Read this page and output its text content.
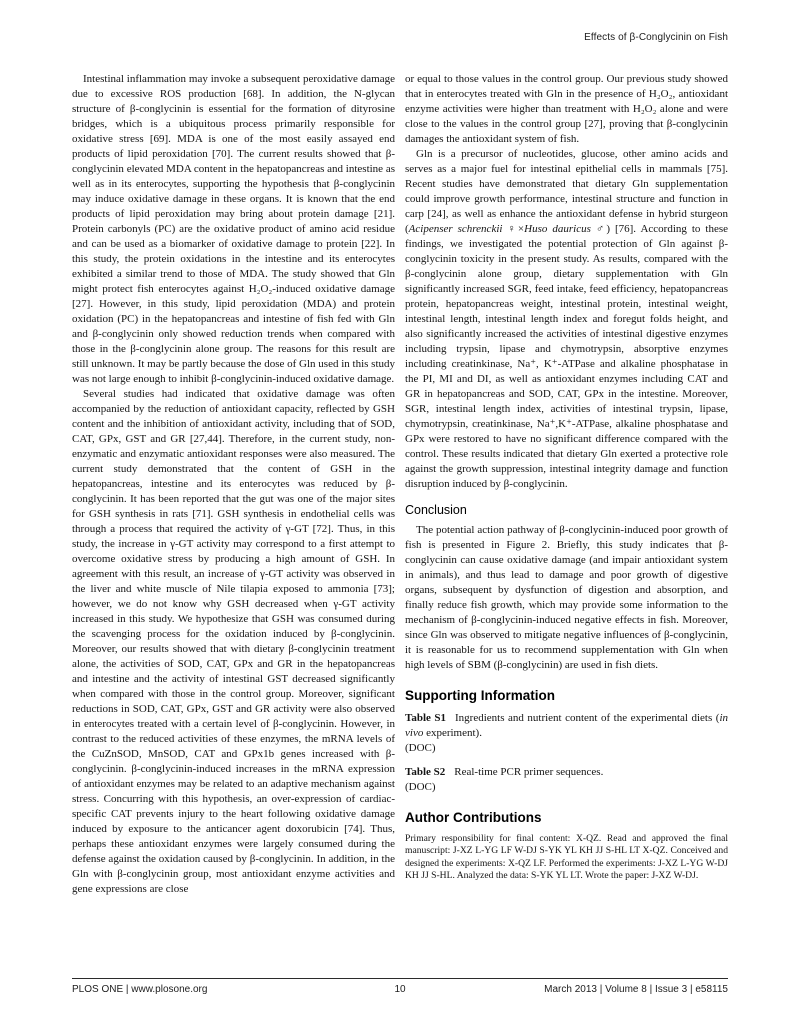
Effects of β-Conglycinin on Fish

Intestinal inflammation may invoke a subsequent peroxidative damage due to excessive ROS production [68]. In addition, the N-glycan structure of β-conglycinin is essential for the formation of dityrosine bridges, which is a ubiquitous process primarily responsible for oxidative stress [69]. MDA is one of the most easily assayed end products of lipid peroxidation [70]. The current results showed that β-conglycinin elevated MDA content in the hepatopancreas and intestine as well as in its enterocytes, supporting the hypothesis that β-conglycinin may induce oxidative damage in these organs. It is known that the end products of lipid peroxidation may bring about protein damage [21]. Protein carbonyls (PC) are the oxidative product of amino acid residue and can be used as a biomarker of oxidative damage to protein [22]. In this study, the protein oxidations in the intestine and its enterocytes exhibited a similar trend to those of MDA. The study showed that Gln might protect fish enterocytes against H₂O₂-induced oxidative damage [27]. However, in this study, lipid peroxidation (MDA) and protein oxidation (PC) in the hepatopancreas and intestine of fish fed with Gln and β-conglycinin only showed reduction trends when compared with those in the β-conglycinin alone group. The reasons for this result are still unknown. It may be partly because the dose of Gln used in this study was not large enough to inhibit β-conglycinin-induced oxidative damage.

Several studies had indicated that oxidative damage was often accompanied by the reduction of antioxidant capacity, reflected by GSH content and the inhibition of antioxidant activity, including that of SOD, CAT, GPx, GST and GR [27,44]. Therefore, in the current study, non-enzymatic and enzymatic antioxidant responses were also measured. The current study demonstrated that the content of GSH in the hepatopancreas, intestine and its enterocytes was reduced by β-conglycinin. It has been reported that the gut was one of the major sites for GSH synthesis in rats [71]. GSH synthesis in endothelial cells was through a process that required the activity of γ-GT [72]. Thus, in this study, the increase in γ-GT activity may correspond to a first attempt to overcome oxidative stress by producing a high amount of GSH. In agreement with this result, an increase of γ-GT activity was observed in the liver and white muscle of Nile tilapia exposed to ammonia [73]; however, we do not know why GSH decreased when γ-GT activity increased in this study. We hypothesize that GSH was consumed during the scavenging process for the oxidation induced by β-conglycinin. Moreover, our results showed that with dietary β-conglycinin treatment alone, the activities of SOD, CAT, GPx and GR in the hepatopancreas and intestine and the activity of intestinal GST decreased significantly when compared with those in the control group. Moreover, significant reductions in SOD, CAT, GPx, GST and GR activity were also observed in enterocytes treated with a certain level of β-conglycinin. However, in contrast to the reduced activities of these enzymes, the mRNA levels of the CuZnSOD, MnSOD, CAT and GPx1b genes increased with β-conglycinin. β-conglycinin-induced increases in the mRNA expression of antioxidant enzymes may be related to an adaptive mechanism against stress. Concurring with this hypothesis, an over-expression of cardiac-specific CAT prevents injury to the heart following oxidative damage induced by exposure to the anticancer agent doxorubicin [74]. Thus, perhaps these antioxidant enzymes were largely consumed during the defense against the oxidation caused by β-conglycinin. In addition, in the Gln with β-conglycinin group, most antioxidant enzyme activities and gene expressions are close

or equal to those values in the control group. Our previous study showed that in enterocytes treated with Gln in the presence of H₂O₂, antioxidant enzyme activities were higher than treatment with H₂O₂ alone and were close to the values in the control group [27], proving that β-conglycinin damages the antioxidant system of fish.

Gln is a precursor of nucleotides, glucose, other amino acids and serves as a major fuel for intestinal epithelial cells in mammals [75]. Recent studies have demonstrated that dietary Gln supplementation could improve growth performance, intestinal structure and function in carp [24], as well as enhance the antioxidant defense in hybrid sturgeon (Acipenser schrenckii ♀×Huso dauricus ♂) [76]. According to these findings, we investigated the potential protection of Gln against β-conglycinin toxicity in the present study. As results, compared with the β-conglycinin alone group, dietary supplementation with Gln significantly increased SGR, feed intake, feed efficiency, hepatopancreas protein, hepatopancreas weight, intestinal protein, intestinal weight, intestinal length, intestinal length index and foregut folds height, and also significantly increased the activities of intestinal digestive enzymes including trypsin, lipase and chymotrypsin, absorptive enzymes including creatinkinase, Na⁺, K⁺-ATPase and alkaline phosphatase in the PI, MI and DI, as well as antioxidant enzymes including CAT and GR in hepatopancreas and SOD, CAT, GPx in the intestine. Moreover, SGR, intestinal length index, activities of intestinal trypsin, lipase, chymotrypsin, creatinkinase, Na⁺,K⁺-ATPase, alkaline phosphatase and GPx were restored to have no significant difference compared with the control. These results indicated that dietary Gln exerted a protective role against the growth suppression, intestinal integrity damage and function disruption induced by β-conglycinin.

Conclusion

The potential action pathway of β-conglycinin-induced poor growth of fish is presented in Figure 2. Briefly, this study indicates that β-conglycinin can cause oxidative damage (and impair antioxidant system in animals), and thus lead to damage and poor growth of digestive organs, subsequent by dysfunction of digestion and absorption, and finally reduce fish growth, which may provide some information to the mechanism of β-conglycinin-induced negative effects in fish. Moreover, since Gln was observed to mitigate negative influences of β-conglycinin, it is reasonable for us to recommend supplementation with Gln when high levels of SBM (β-conglycinin) are used in fish diets.

Supporting Information

Table S1 Ingredients and nutrient content of the experimental diets (in vivo experiment).
(DOC)

Table S2 Real-time PCR primer sequences.
(DOC)

Author Contributions

Primary responsibility for final content: X-QZ. Read and approved the final manuscript: J-XZ L-YG LF W-DJ S-YK YL KH JJ S-HL LT X-QZ. Conceived and designed the experiments: X-QZ LF. Performed the experiments: J-XZ L-YG W-DJ KH JJ S-HL. Analyzed the data: S-YK YL LT. Wrote the paper: J-XZ W-DJ.

PLOS ONE | www.plosone.org	10	March 2013 | Volume 8 | Issue 3 | e58115
